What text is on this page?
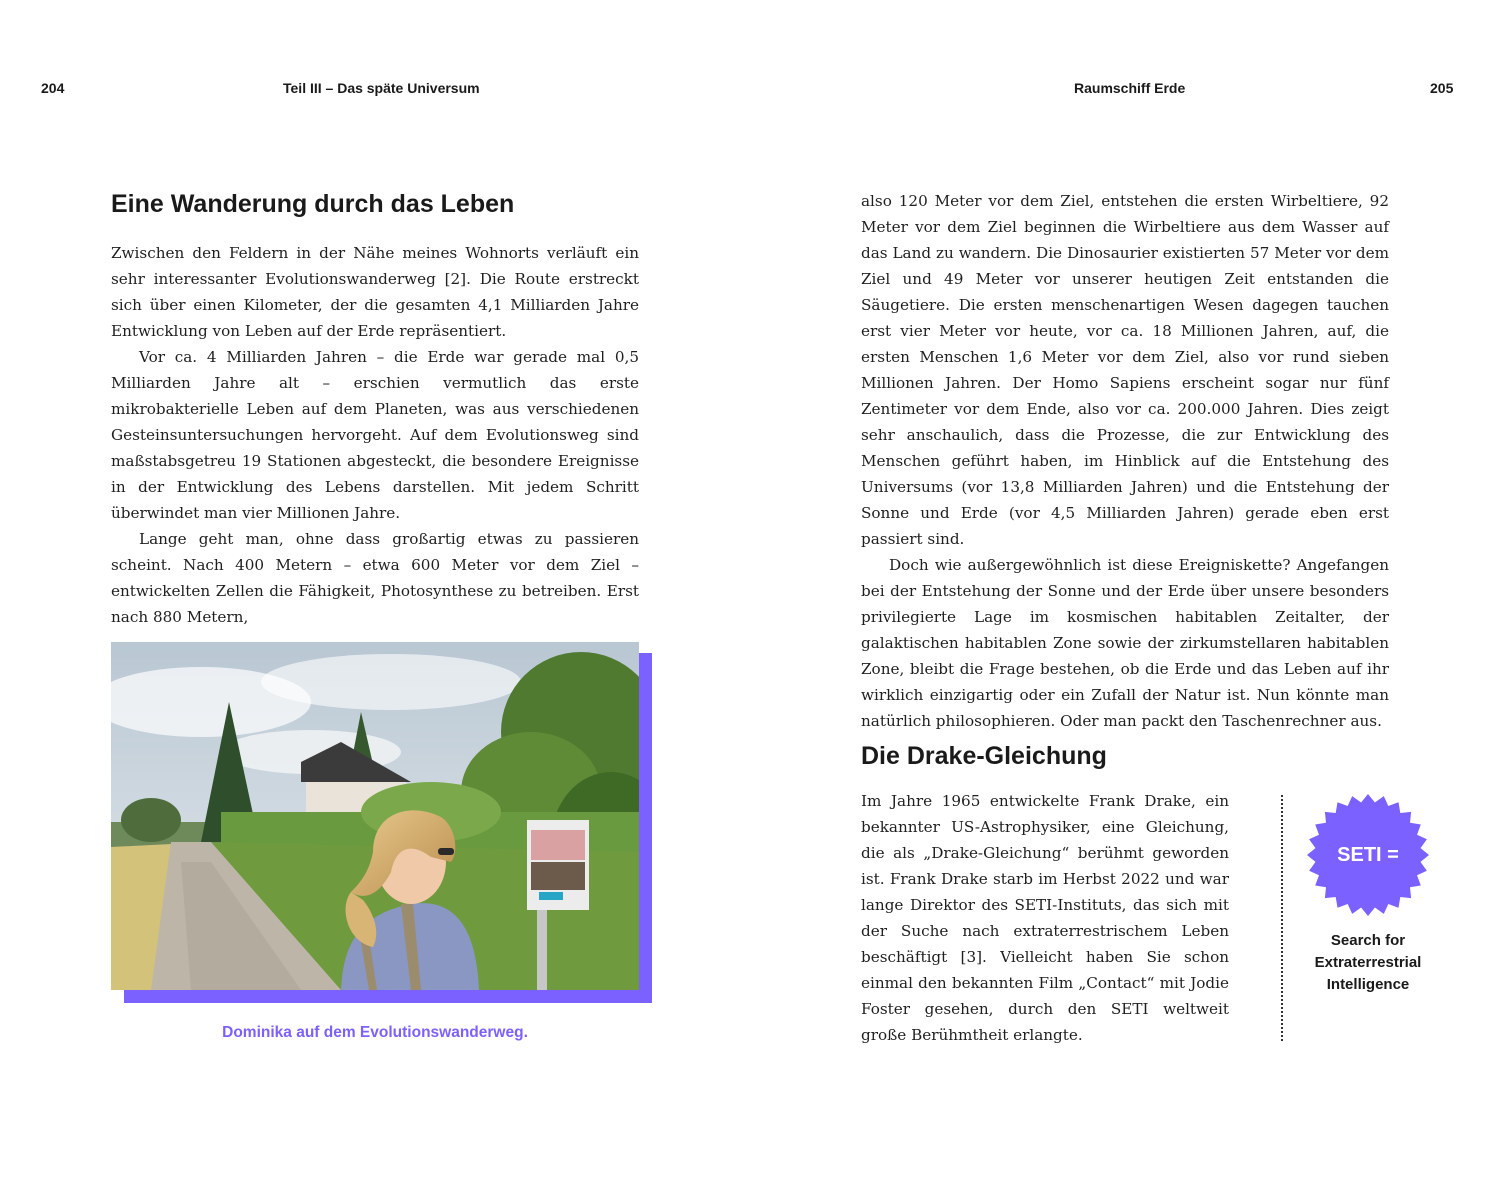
204	Teil III – Das späte Universum	Raumschiff Erde	205
Eine Wanderung durch das Leben

Zwischen den Feldern in der Nähe meines Wohnorts verläuft ein sehr interessanter Evolutionswanderweg [2]. Die Route erstreckt sich über einen Kilometer, der die gesamten 4,1 Milliarden Jahre Entwicklung von Leben auf der Erde repräsentiert.

Vor ca. 4 Milliarden Jahren – die Erde war gerade mal 0,5 Milliarden Jahre alt – erschien vermutlich das erste mikrobakterielle Leben auf dem Planeten, was aus verschiedenen Gesteinsuntersuchungen hervorgeht. Auf dem Evolutionsweg sind maßstabsgetreu 19 Stationen abgesteckt, die besondere Ereignisse in der Entwicklung des Lebens darstellen. Mit jedem Schritt überwindet man vier Millionen Jahre.

Lange geht man, ohne dass großartig etwas zu passieren scheint. Nach 400 Metern – etwa 600 Meter vor dem Ziel – entwickelten Zellen die Fähigkeit, Photosynthese zu betreiben. Erst nach 880 Metern,

Dominika auf dem Evolutionswanderweg.

also 120 Meter vor dem Ziel, entstehen die ersten Wirbeltiere, 92 Meter vor dem Ziel beginnen die Wirbeltiere aus dem Wasser auf das Land zu wandern. Die Dinosaurier existierten 57 Meter vor dem Ziel und 49 Meter vor unserer heutigen Zeit entstanden die Säugetiere. Die ersten menschenartigen Wesen dagegen tauchen erst vier Meter vor heute, vor ca. 18 Millionen Jahren, auf, die ersten Menschen 1,6 Meter vor dem Ziel, also vor rund sieben Millionen Jahren. Der Homo Sapiens erscheint sogar nur fünf Zentimeter vor dem Ende, also vor ca. 200.000 Jahren. Dies zeigt sehr anschaulich, dass die Prozesse, die zur Entwicklung des Menschen geführt haben, im Hinblick auf die Entstehung des Universums (vor 13,8 Milliarden Jahren) und die Entstehung der Sonne und Erde (vor 4,5 Milliarden Jahren) gerade eben erst passiert sind.

Doch wie außergewöhnlich ist diese Ereigniskette? Angefangen bei der Entstehung der Sonne und der Erde über unsere besonders privilegierte Lage im kosmischen habitablen Zeitalter, der galaktischen habitablen Zone sowie der zirkumstellaren habitablen Zone, bleibt die Frage bestehen, ob die Erde und das Leben auf ihr wirklich einzigartig oder ein Zufall der Natur ist. Nun könnte man natürlich philosophieren. Oder man packt den Taschenrechner aus.

Die Drake-Gleichung

Im Jahre 1965 entwickelte Frank Drake, ein bekannter US-Astrophysiker, eine Gleichung, die als „Drake-Gleichung“ berühmt geworden ist. Frank Drake starb im Herbst 2022 und war lange Direktor des SETI-Instituts, das sich mit der Suche nach extraterrestrischem Leben beschäftigt [3]. Vielleicht haben Sie schon einmal den bekannten Film „Contact“ mit Jodie Foster gesehen, durch den SETI weltweit große Berühmtheit erlangte.

SETI =
Search for
Extraterrestrial
Intelligence
